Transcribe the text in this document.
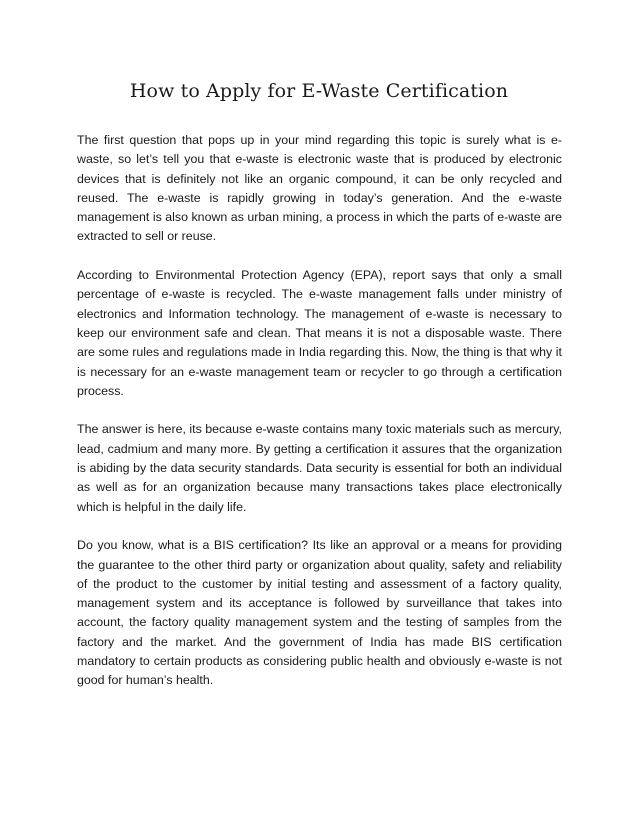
How to Apply for E-Waste Certification

The first question that pops up in your mind regarding this topic is surely what is e-waste, so let’s tell you that e-waste is electronic waste that is produced by electronic devices that is definitely not like an organic compound, it can be only recycled and reused. The e-waste is rapidly growing in today’s generation. And the e-waste management is also known as urban mining, a process in which the parts of e-waste are extracted to sell or reuse.

According to Environmental Protection Agency (EPA), report says that only a small percentage of e-waste is recycled. The e-waste management falls under ministry of electronics and Information technology. The management of e-waste is necessary to keep our environment safe and clean. That means it is not a disposable waste. There are some rules and regulations made in India regarding this. Now, the thing is that why it is necessary for an e-waste management team or recycler to go through a certification process.

The answer is here, its because e-waste contains many toxic materials such as mercury, lead, cadmium and many more. By getting a certification it assures that the organization is abiding by the data security standards. Data security is essential for both an individual as well as for an organization because many transactions takes place electronically which is helpful in the daily life.

Do you know, what is a BIS certification? Its like an approval or a means for providing the guarantee to the other third party or organization about quality, safety and reliability of the product to the customer by initial testing and assessment of a factory quality, management system and its acceptance is followed by surveillance that takes into account, the factory quality management system and the testing of samples from the factory and the market. And the government of India has made BIS certification mandatory to certain products as considering public health and obviously e-waste is not good for human’s health.
